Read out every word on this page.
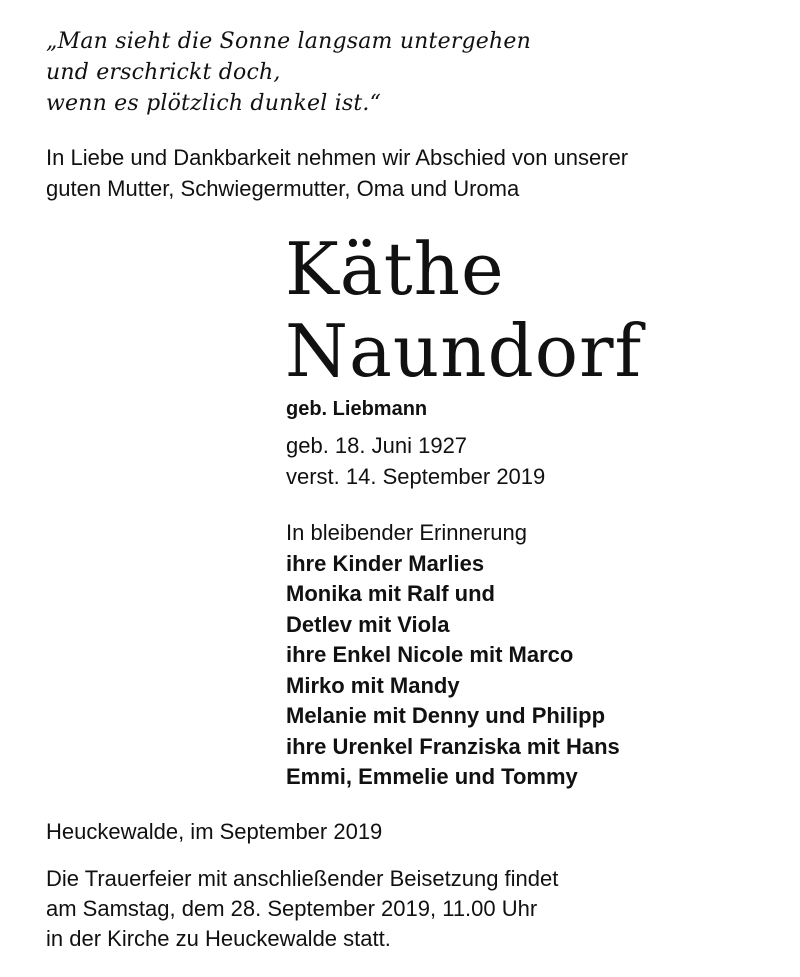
„Man sieht die Sonne langsam untergehen
und erschrickt doch,
wenn es plötzlich dunkel ist.“
In Liebe und Dankbarkeit nehmen wir Abschied von unserer
guten Mutter, Schwiegermutter, Oma und Uroma
Käthe
Naundorf
geb. Liebmann
geb. 18. Juni 1927
verst. 14. September 2019
In bleibender Erinnerung
ihre Kinder Marlies
Monika mit Ralf und
Detlev mit Viola
ihre Enkel Nicole mit Marco
Mirko mit Mandy
Melanie mit Denny und Philipp
ihre Urenkel Franziska mit Hans
Emmi, Emmelie und Tommy
Heuckewalde, im September 2019
Die Trauerfeier mit anschließender Beisetzung findet
am Samstag, dem 28. September 2019, 11.00 Uhr
in der Kirche zu Heuckewalde statt.
